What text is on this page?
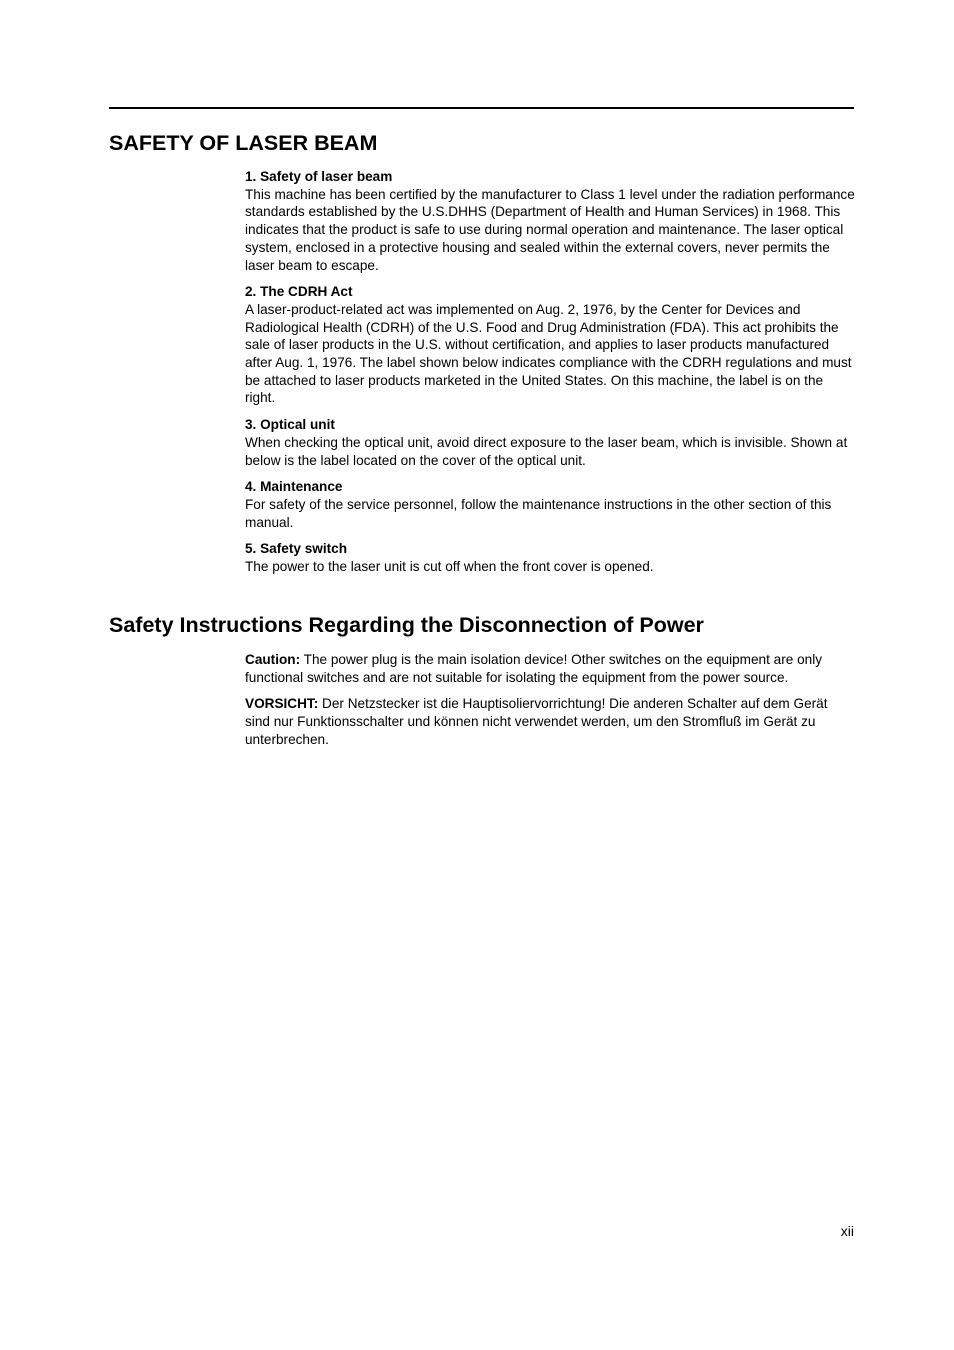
SAFETY OF LASER BEAM
1. Safety of laser beam
This machine has been certified by the manufacturer to Class 1 level under the radiation performance standards established by the U.S.DHHS (Department of Health and Human Services) in 1968. This indicates that the product is safe to use during normal operation and maintenance. The laser optical system, enclosed in a protective housing and sealed within the external covers, never permits the laser beam to escape.
2. The CDRH Act
A laser-product-related act was implemented on Aug. 2, 1976, by the Center for Devices and Radiological Health (CDRH) of the U.S. Food and Drug Administration (FDA). This act prohibits the sale of laser products in the U.S. without certification, and applies to laser products manufactured after Aug. 1, 1976. The label shown below indicates compliance with the CDRH regulations and must be attached to laser products marketed in the United States. On this machine, the label is on the right.
3. Optical unit
When checking the optical unit, avoid direct exposure to the laser beam, which is invisible. Shown at below is the label located on the cover of the optical unit.
4. Maintenance
For safety of the service personnel, follow the maintenance instructions in the other section of this manual.
5. Safety switch
The power to the laser unit is cut off when the front cover is opened.
Safety Instructions Regarding the Disconnection of Power

Caution: The power plug is the main isolation device! Other switches on the equipment are only functional switches and are not suitable for isolating the equipment from the power source.

VORSICHT: Der Netzstecker ist die Hauptisoliervorrichtung! Die anderen Schalter auf dem Gerät sind nur Funktionsschalter und können nicht verwendet werden, um den Stromfluß im Gerät zu unterbrechen.

xii
